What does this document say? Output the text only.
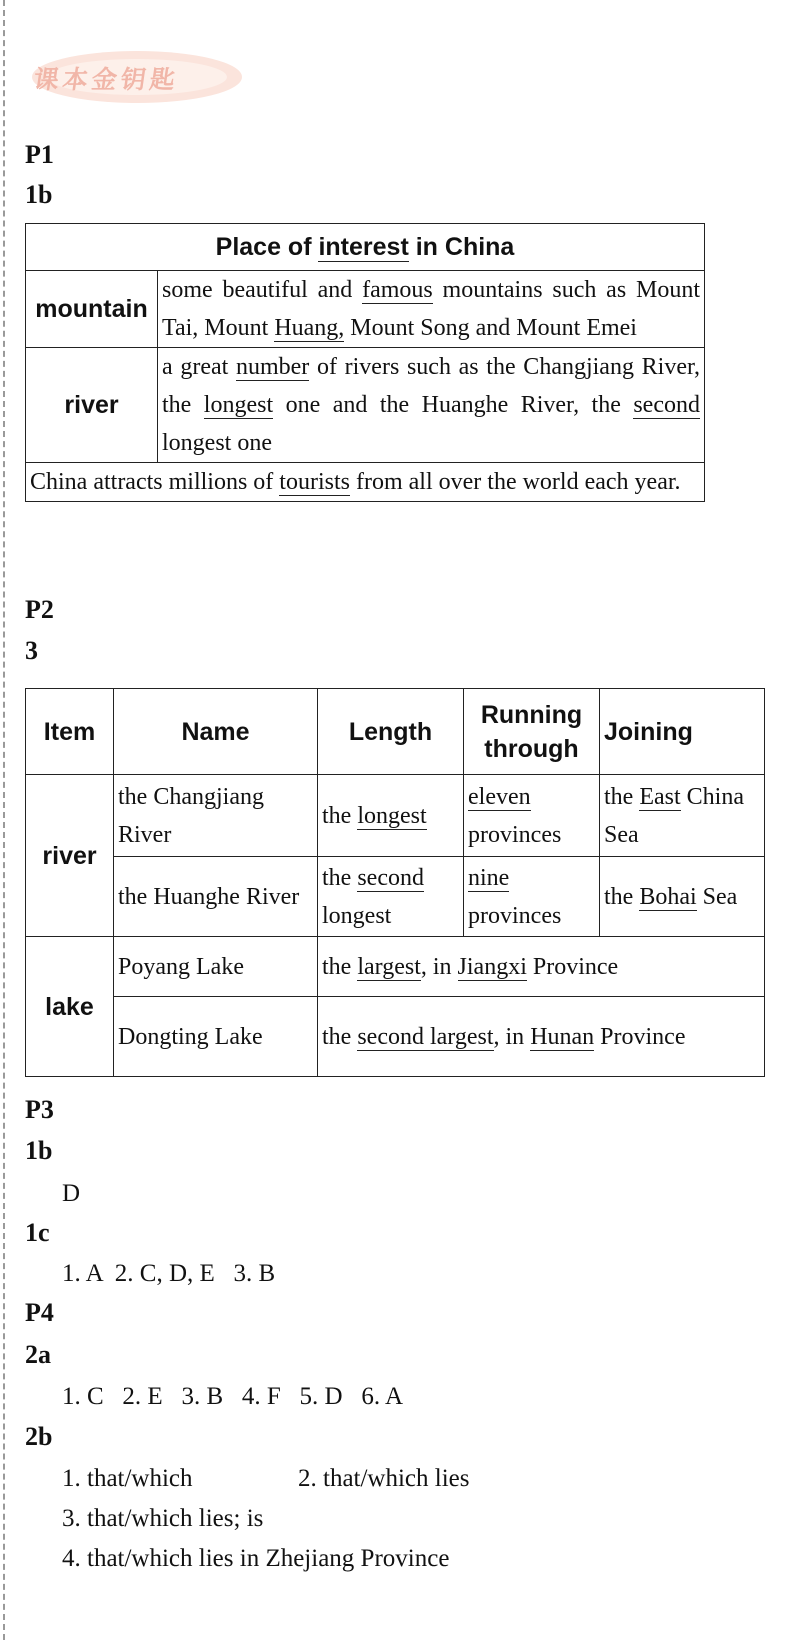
课本金钥匙
P1
1b
Place of interest in China	
mountain	some beautiful and famous mountains such as Mount Tai, Mount Huang, Mount Song and Mount Emei
river	a great number of rivers such as the Changjiang River, the longest one and the Huanghe River, the second longest one
China attracts millions of tourists from all over the world each year.	
P2
3
Item	Name	Length	Running through	Joining
river	the Changjiang River	the longest	eleven provinces	the East China Sea
	the Huanghe River	the second longest	nine provinces	the Bohai Sea
lake	Poyang Lake	the largest, in Jiangxi Province		
	Dongting Lake	the second largest, in Hunan Province		
P3
1b
D
1c
1. A  2. C, D, E   3. B
P4
2a
1. C   2. E   3. B   4. F   5. D   6. A
2b
1. that/which	2. that/which lies
3. that/which lies; is
4. that/which lies in Zhejiang Province
